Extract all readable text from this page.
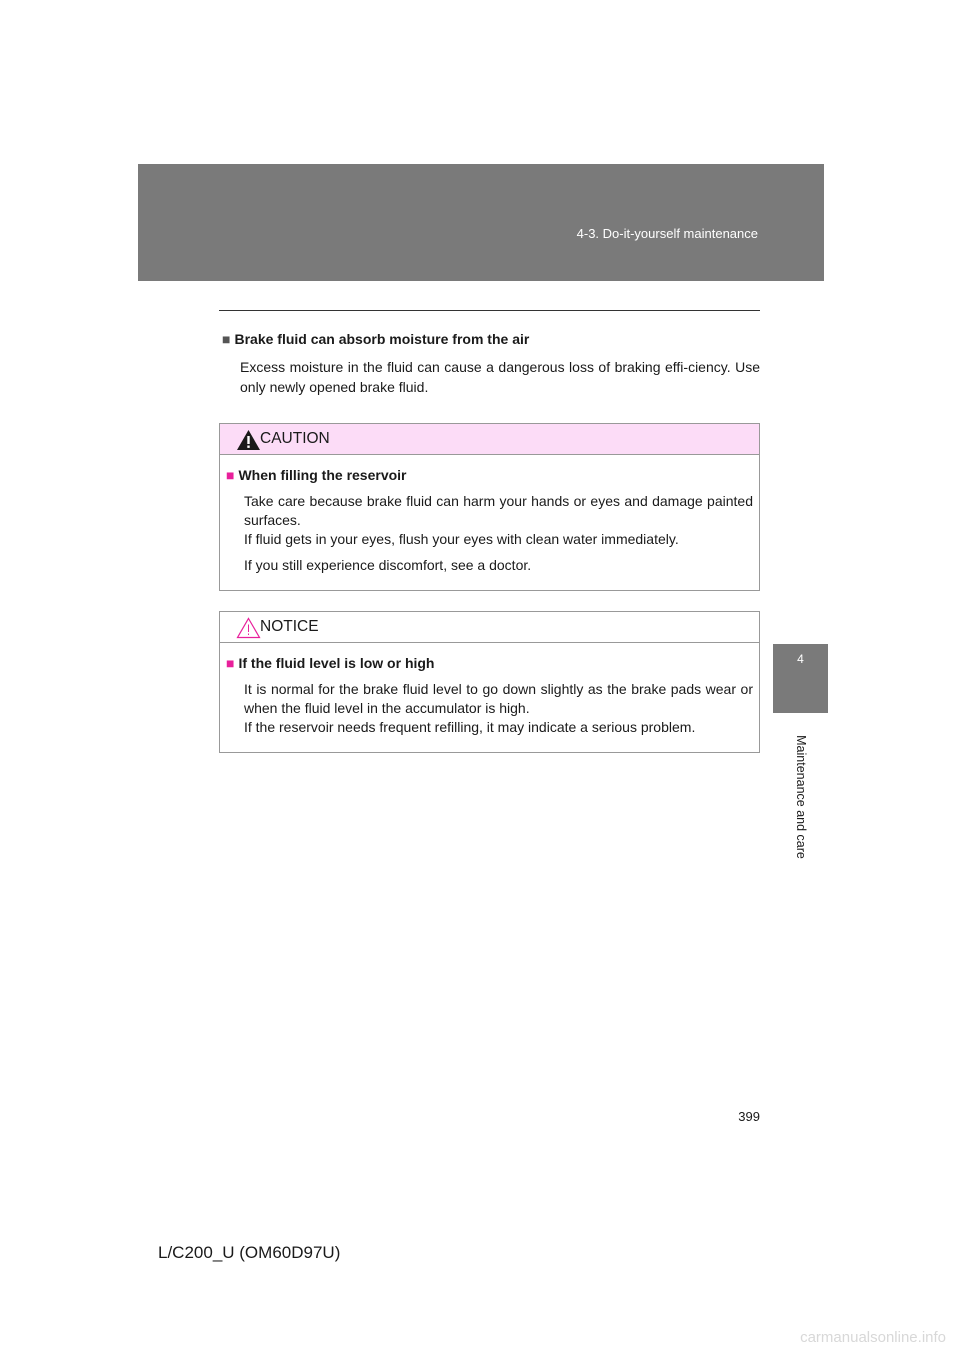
4-3. Do-it-yourself maintenance
4
Maintenance and care

■ Brake fluid can absorb moisture from the air

Excess moisture in the fluid can cause a dangerous loss of braking effi-ciency. Use only newly opened brake fluid.

CAUTION

■ When filling the reservoir

Take care because brake fluid can harm your hands or eyes and damage painted surfaces.

If fluid gets in your eyes, flush your eyes with clean water immediately.

If you still experience discomfort, see a doctor.

NOTICE

■ If the fluid level is low or high

It is normal for the brake fluid level to go down slightly as the brake pads wear or when the fluid level in the accumulator is high.

If the reservoir needs frequent refilling, it may indicate a serious problem.

399
L/C200_U (OM60D97U)
carmanualsonline.info
